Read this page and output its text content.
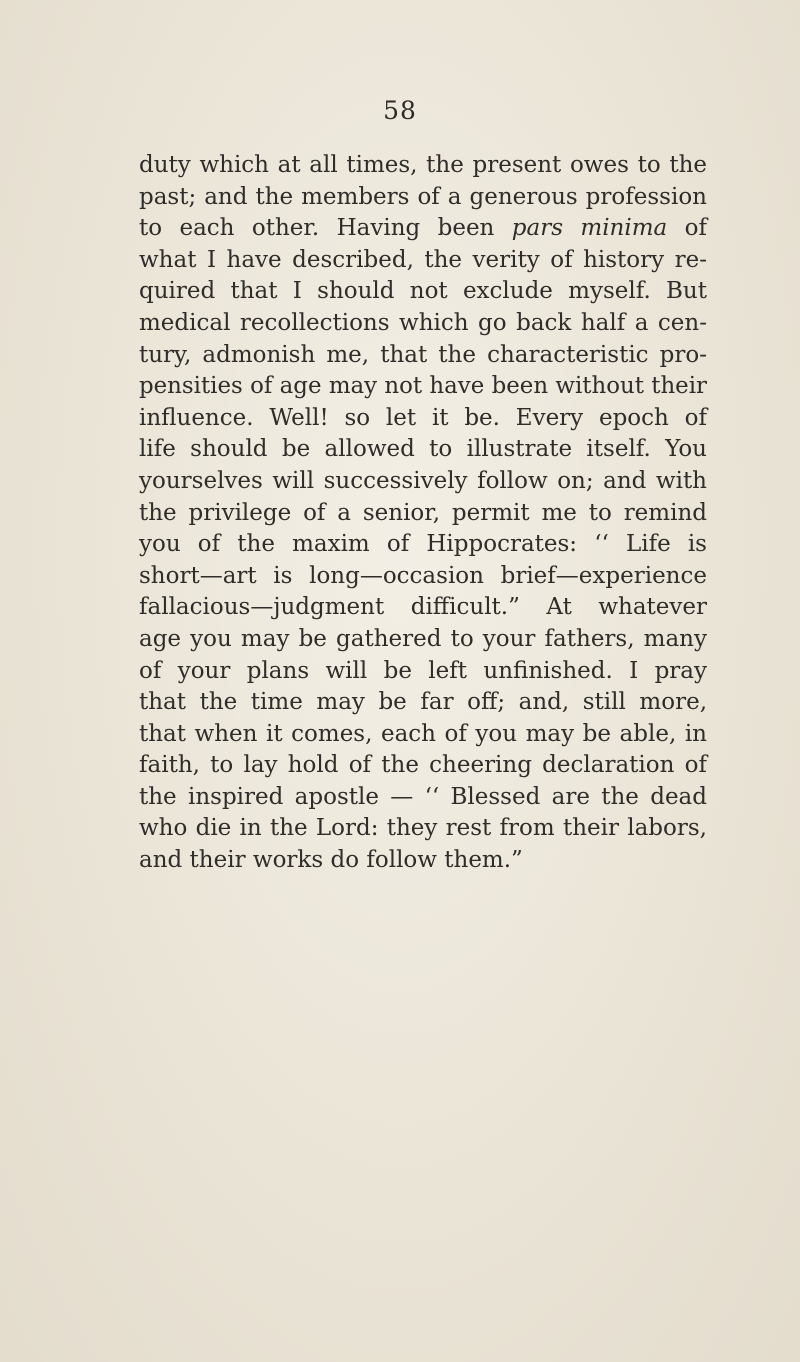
58
duty which at all times, the present owes to the
past; and the members of a generous profession
to each other. Having been pars minima of
what I have described, the verity of history re-
quired that I should not exclude myself. But
medical recollections which go back half a cen-
tury, admonish me, that the characteristic pro-
pensities of age may not have been without their
influence. Well! so let it be. Every epoch of
life should be allowed to illustrate itself. You
yourselves will successively follow on; and with
the privilege of a senior, permit me to remind
you of the maxim of Hippocrates: ‘‘ Life is
short—art is long—occasion brief—experience
fallacious—judgment difficult.” At whatever
age you may be gathered to your fathers, many
of your plans will be left unfinished. I pray
that the time may be far off; and, still more,
that when it comes, each of you may be able, in
faith, to lay hold of the cheering declaration of
the inspired apostle — ‘‘ Blessed are the dead
who die in the Lord: they rest from their labors,
and their works do follow them.”
